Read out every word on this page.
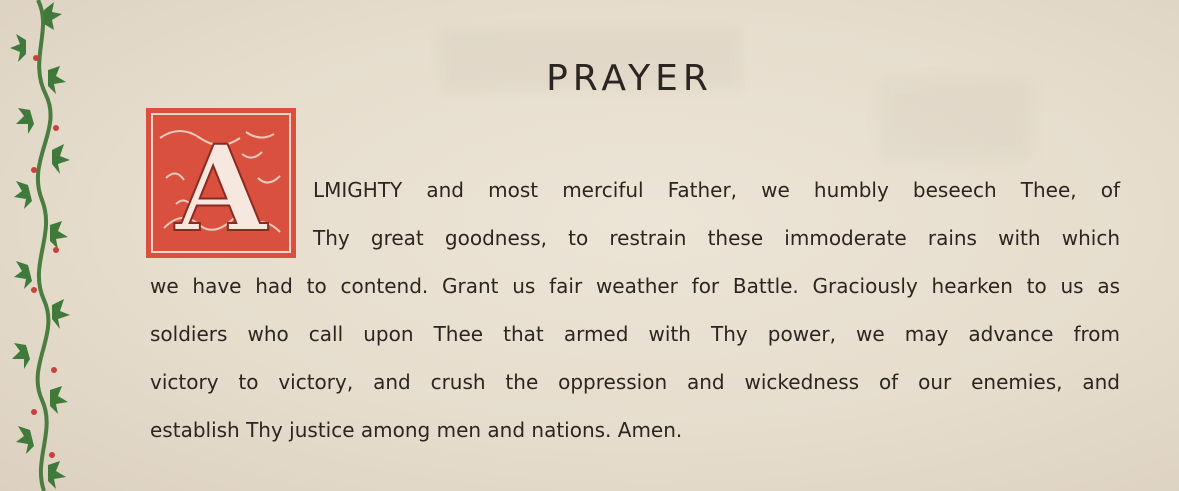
PRAYER
A LMIGHTY and most merciful Father, we humbly beseech Thee, of
Thy great goodness, to restrain these immoderate rains with which
we have had to contend. Grant us fair weather for Battle. Graciously hearken to us as
soldiers who call upon Thee that armed with Thy power, we may advance from
victory to victory, and crush the oppression and wickedness of our enemies, and
establish Thy justice among men and nations. Amen.
